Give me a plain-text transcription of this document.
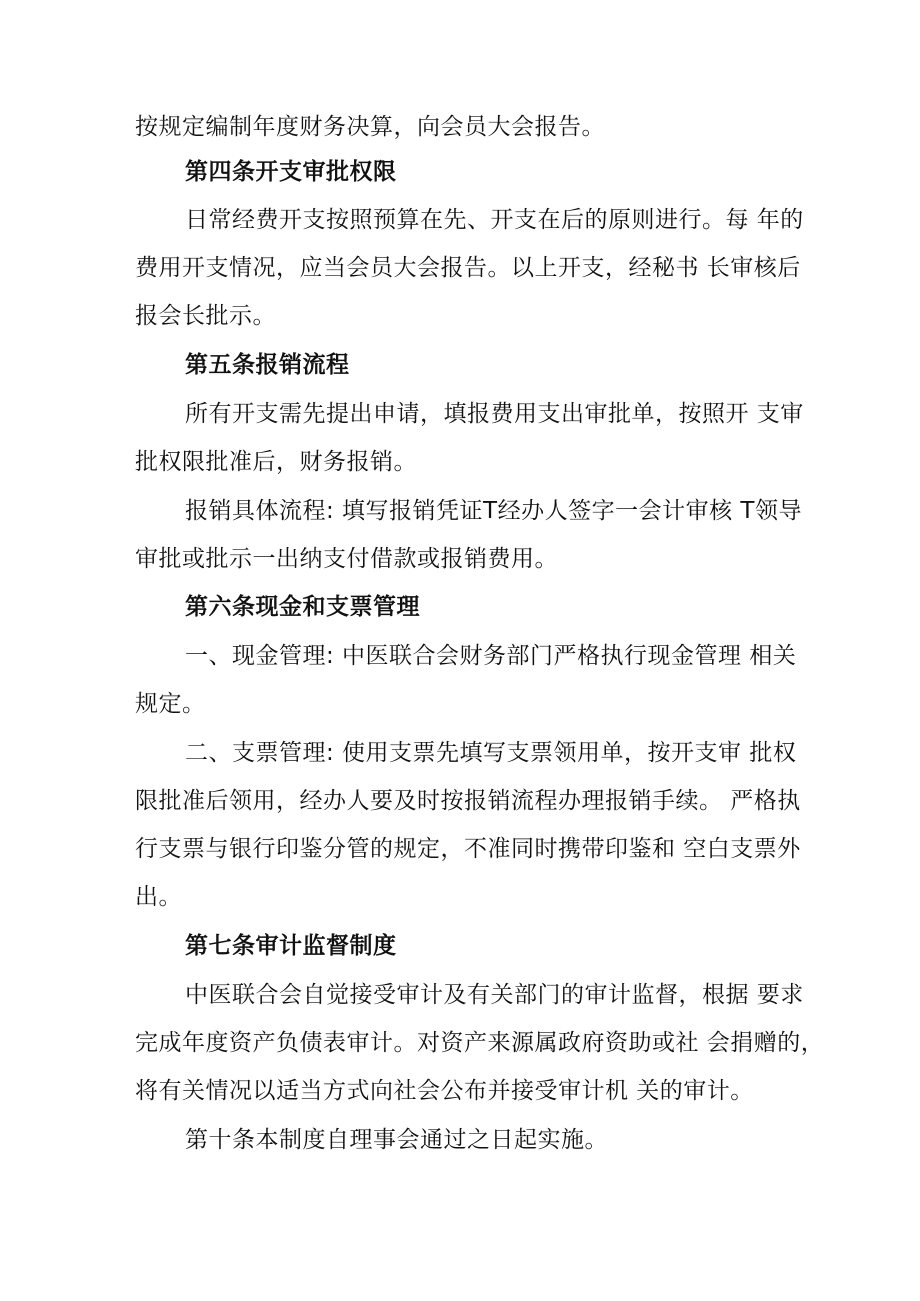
按规定编制年度财务决算，向会员大会报告。
第四条开支审批权限
日常经费开支按照预算在先、开支在后的原则进行。每 年的
费用开支情况，应当会员大会报告。以上开支，经秘书 长审核后
报会长批示。
第五条报销流程
所有开支需先提出申请，填报费用支出审批单，按照开 支审
批权限批准后，财务报销。
报销具体流程: 填写报销凭证T经办人签字一会计审核 T领导
审批或批示一出纳支付借款或报销费用。
第六条现金和支票管理
一、现金管理: 中医联合会财务部门严格执行现金管理 相关
规定。
二、支票管理: 使用支票先填写支票领用单，按开支审 批权
限批准后领用，经办人要及时按报销流程办理报销手续。 严格执
行支票与银行印鉴分管的规定，不准同时携带印鉴和 空白支票外
出。
第七条审计监督制度
中医联合会自觉接受审计及有关部门的审计监督，根据 要求
完成年度资产负债表审计。对资产来源属政府资助或社 会捐赠的，
将有关情况以适当方式向社会公布并接受审计机 关的审计。
第十条本制度自理事会通过之日起实施。
